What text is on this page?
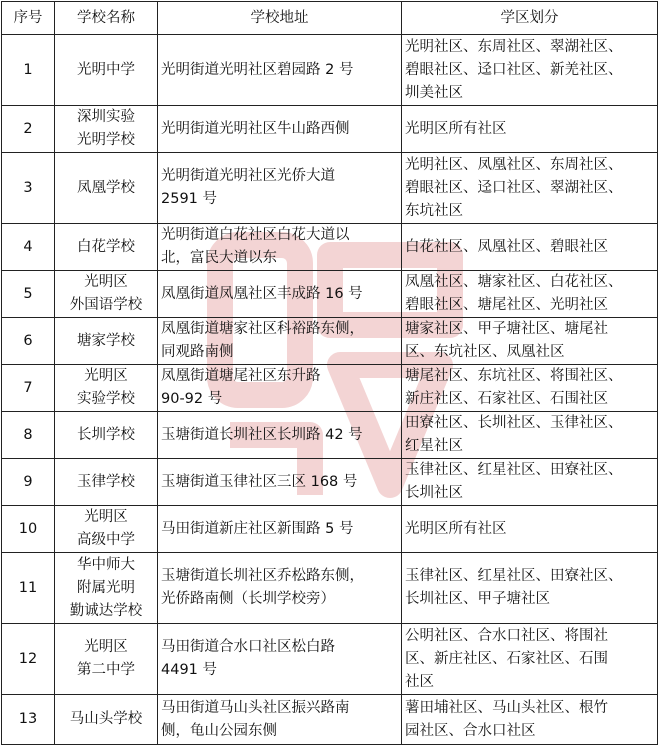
序号	学校名称	学校地址	学区划分
1	光明中学	光明街道光明社区碧园路 2 号	光明社区、东周社区、翠湖社区、
碧眼社区、迳口社区、新羌社区、
圳美社区

2	深圳实验
光明学校	光明街道光明社区牛山路西侧	光明区所有社区

3	凤凰学校	光明街道光明社区光侨大道
2591 号	光明社区、凤凰社区、东周社区、
碧眼社区、迳口社区、翠湖社区、
东坑社区

4	白花学校	光明街道白花社区白花大道以
北，富民大道以东	白花社区、凤凰社区、碧眼社区

5	光明区
外国语学校	凤凰街道凤凰社区丰成路 16 号	凤凰社区、塘家社区、白花社区、
碧眼社区、塘尾社区、光明社区

6	塘家学校	凤凰街道塘家社区科裕路东侧，
同观路南侧	塘家社区、甲子塘社区、塘尾社
区、东坑社区、凤凰社区

7	光明区
实验学校	凤凰街道塘尾社区东升路
90-92 号	塘尾社区、东坑社区、将围社区、
新庄社区、石家社区、石围社区

8	长圳学校	玉塘街道长圳社区长圳路 42 号	田寮社区、长圳社区、玉律社区、
红星社区

9	玉律学校	玉塘街道玉律社区三区 168 号	玉律社区、红星社区、田寮社区、
长圳社区

10	光明区
高级中学	马田街道新庄社区新围路 5 号	光明区所有社区

11	华中师大
附属光明
勤诚达学校	玉塘街道长圳社区乔松路东侧，
光侨路南侧（长圳学校旁）	玉律社区、红星社区、田寮社区、
长圳社区、甲子塘社区

12	光明区
第二中学	马田街道合水口社区松白路
4491 号	公明社区、合水口社区、将围社
区、新庄社区、石家社区、石围
社区

13	马山头学校	马田街道马山头社区振兴路南
侧，龟山公园东侧	薯田埔社区、马山头社区、根竹
园社区、合水口社区
